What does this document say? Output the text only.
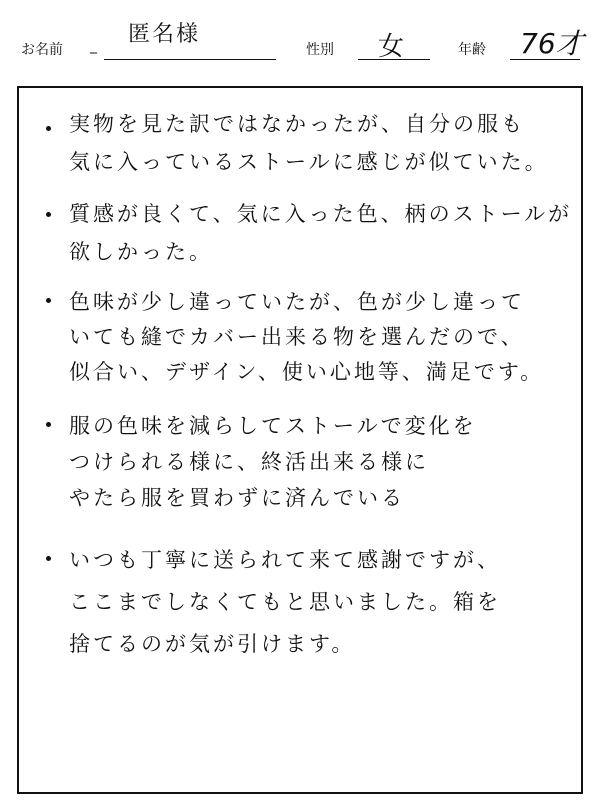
お名前 _ 匿名様
性別 女	年齢 76才
実物を見た訳ではなかったが、自分の服も
気に入っているストールに感じが似ていた。
質感が良くて、気に入った色、柄のストールが
欲しかった。
色味が少し違っていたが、色が少し違って
いても縫でカバー出来る物を選んだので、
似合い、デザイン、使い心地等、満足です。
服の色味を減らしてストールで変化を
つけられる様に、終活出来る様に
やたら服を買わずに済んでいる
いつも丁寧に送られて来て感謝ですが、
ここまでしなくてもと思いました。箱を
捨てるのが気が引けます。
